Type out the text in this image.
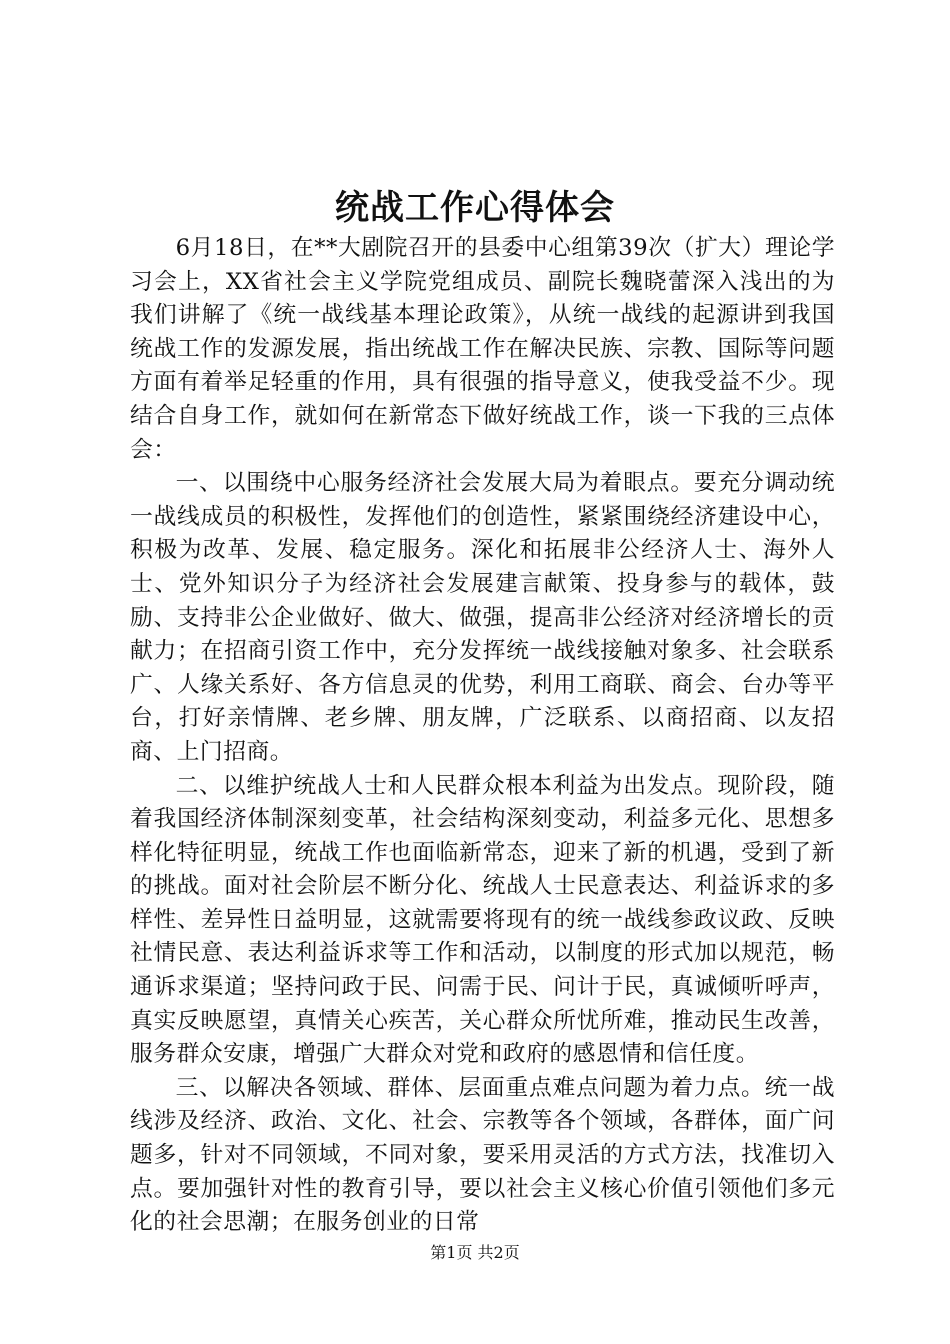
统战工作心得体会

6月18日，在**大剧院召开的县委中心组第39次（扩大）理论学习会上，XX省社会主义学院党组成员、副院长魏晓蕾深入浅出的为我们讲解了《统一战线基本理论政策》，从统一战线的起源讲到我国统战工作的发源发展，指出统战工作在解决民族、宗教、国际等问题方面有着举足轻重的作用，具有很强的指导意义，使我受益不少。现结合自身工作，就如何在新常态下做好统战工作，谈一下我的三点体会：

一、以围绕中心服务经济社会发展大局为着眼点。要充分调动统一战线成员的积极性，发挥他们的创造性，紧紧围绕经济建设中心，积极为改革、发展、稳定服务。深化和拓展非公经济人士、海外人士、党外知识分子为经济社会发展建言献策、投身参与的载体，鼓励、支持非公企业做好、做大、做强，提高非公经济对经济增长的贡献力；在招商引资工作中，充分发挥统一战线接触对象多、社会联系广、人缘关系好、各方信息灵的优势，利用工商联、商会、台办等平台，打好亲情牌、老乡牌、朋友牌，广泛联系、以商招商、以友招商、上门招商。

二、以维护统战人士和人民群众根本利益为出发点。现阶段，随着我国经济体制深刻变革，社会结构深刻变动，利益多元化、思想多样化特征明显，统战工作也面临新常态，迎来了新的机遇，受到了新的挑战。面对社会阶层不断分化、统战人士民意表达、利益诉求的多样性、差异性日益明显，这就需要将现有的统一战线参政议政、反映社情民意、表达利益诉求等工作和活动，以制度的形式加以规范，畅通诉求渠道；坚持问政于民、问需于民、问计于民，真诚倾听呼声，真实反映愿望，真情关心疾苦，关心群众所忧所难，推动民生改善，服务群众安康，增强广大群众对党和政府的感恩情和信任度。

三、以解决各领域、群体、层面重点难点问题为着力点。统一战线涉及经济、政治、文化、社会、宗教等各个领域，各群体，面广问题多，针对不同领域，不同对象，要采用灵活的方式方法，找准切入点。要加强针对性的教育引导，要以社会主义核心价值引领他们多元化的社会思潮；在服务创业的日常

第1页 共2页
